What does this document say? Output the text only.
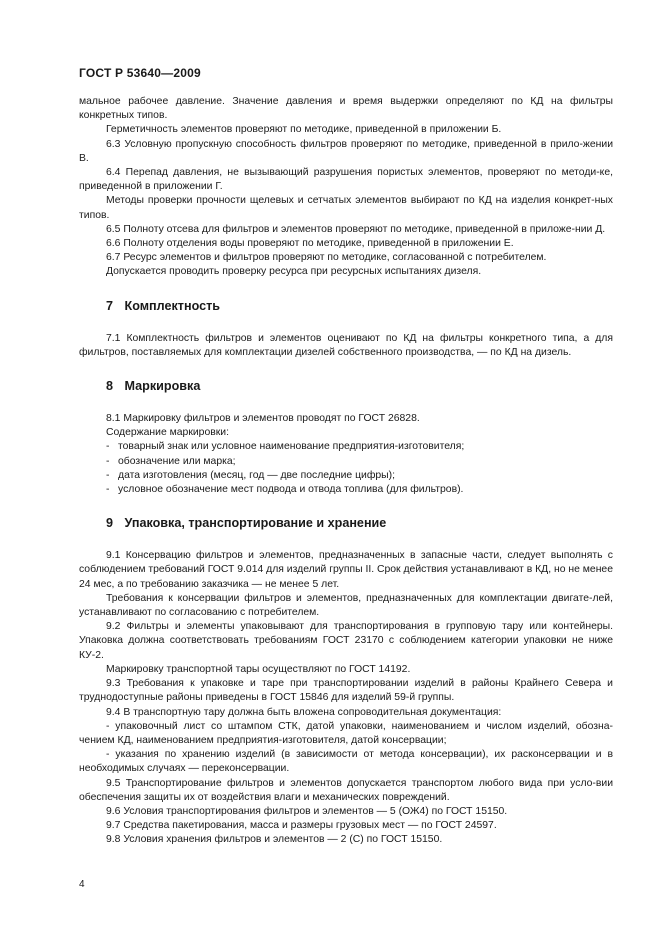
ГОСТ Р 53640—2009

мальное рабочее давление. Значение давления и время выдержки определяют по КД на фильтры конкретных типов.

Герметичность элементов проверяют по методике, приведенной в приложении Б.

6.3 Условную пропускную способность фильтров проверяют по методике, приведенной в прило-жении В.

6.4 Перепад давления, не вызывающий разрушения пористых элементов, проверяют по методи-ке, приведенной в приложении Г.

Методы проверки прочности щелевых и сетчатых элементов выбирают по КД на изделия конкрет-ных типов.

6.5 Полноту отсева для фильтров и элементов проверяют по методике, приведенной в приложе-нии Д.

6.6 Полноту отделения воды проверяют по методике, приведенной в приложении Е.

6.7 Ресурс элементов и фильтров проверяют по методике, согласованной с потребителем.

Допускается проводить проверку ресурса при ресурсных испытаниях дизеля.

7 Комплектность

7.1 Комплектность фильтров и элементов оценивают по КД на фильтры конкретного типа, а для фильтров, поставляемых для комплектации дизелей собственного производства, — по КД на дизель.

8 Маркировка

8.1 Маркировку фильтров и элементов проводят по ГОСТ 26828.

Содержание маркировки:

- товарный знак или условное наименование предприятия-изготовителя;

- обозначение или марка;

- дата изготовления (месяц, год — две последние цифры);

- условное обозначение мест подвода и отвода топлива (для фильтров).

9 Упаковка, транспортирование и хранение

9.1 Консервацию фильтров и элементов, предназначенных в запасные части, следует выполнять с соблюдением требований ГОСТ 9.014 для изделий группы II. Срок действия устанавливают в КД, но не менее 24 мес, а по требованию заказчика — не менее 5 лет.

Требования к консервации фильтров и элементов, предназначенных для комплектации двигате-лей, устанавливают по согласованию с потребителем.

9.2 Фильтры и элементы упаковывают для транспортирования в групповую тару или контейнеры. Упаковка должна соответствовать требованиям ГОСТ 23170 с соблюдением категории упаковки не ниже КУ-2.

Маркировку транспортной тары осуществляют по ГОСТ 14192.

9.3 Требования к упаковке и таре при транспортировании изделий в районы Крайнего Севера и труднодоступные районы приведены в ГОСТ 15846 для изделий 59-й группы.

9.4 В транспортную тару должна быть вложена сопроводительная документация:

- упаковочный лист со штампом СТК, датой упаковки, наименованием и числом изделий, обозна-чением КД, наименованием предприятия-изготовителя, датой консервации;

- указания по хранению изделий (в зависимости от метода консервации), их расконсервации и в необходимых случаях — переконсервации.

9.5 Транспортирование фильтров и элементов допускается транспортом любого вида при усло-вии обеспечения защиты их от воздействия влаги и механических повреждений.

9.6 Условия транспортирования фильтров и элементов — 5 (ОЖ4) по ГОСТ 15150.

9.7 Средства пакетирования, масса и размеры грузовых мест — по ГОСТ 24597.

9.8 Условия хранения фильтров и элементов — 2 (С) по ГОСТ 15150.

4
